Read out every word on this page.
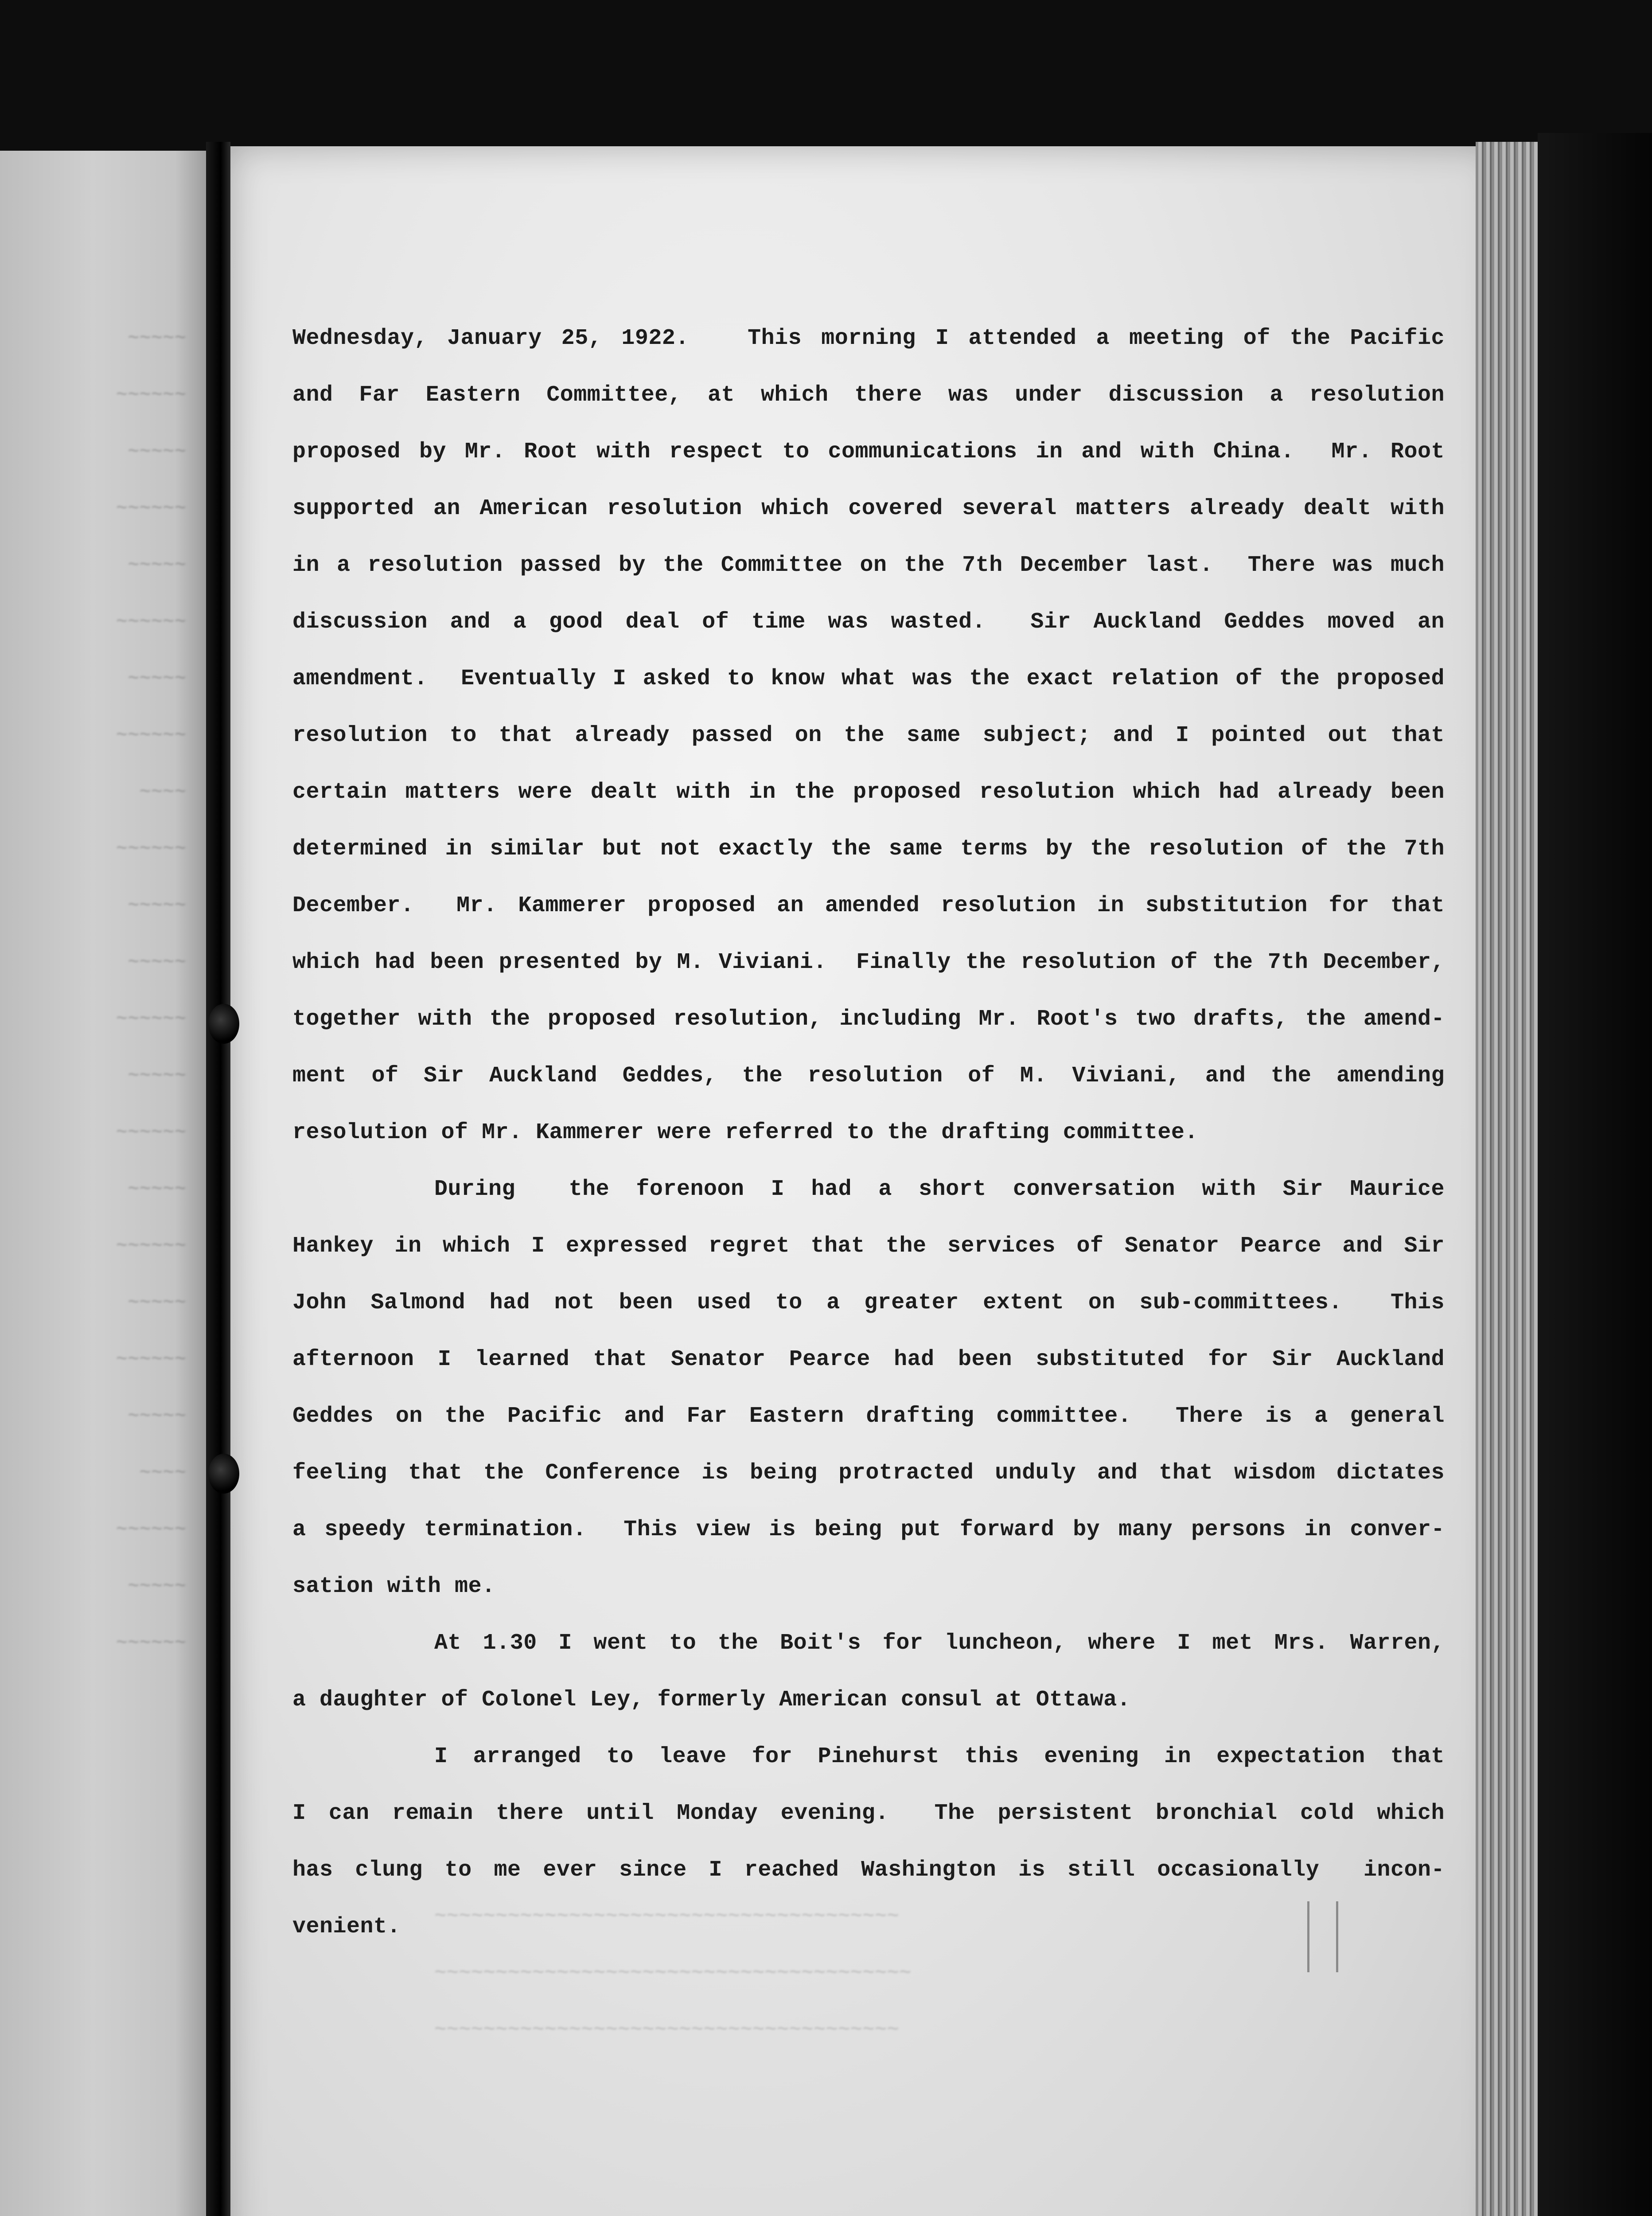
~~~~~
~~~~~~
~~~~~
~~~~~~
~~~~~
~~~~~~
~~~~~
~~~~~~
~~~~
~~~~~~
~~~~~
~~~~~
~~~~~~
~~~~~
~~~~~~
~~~~~
~~~~~~
~~~~~
~~~~~~
~~~~~
~~~~
~~~~~~
~~~~~
~~~~~~
~~~~~~~~~~~~~~~~~~~~~~~~~~~~~~~~~~~~~~
~~~~~~~~~~~~~~~~~~~~~~~~~~~~~~~~~~~~~~~
~~~~~~~~~~~~~~~~~~~~~~~~~~~~~~~~~~~~~~
Wednesday, January 25, 1922.   This morning I attended a meeting of the Pacific
and Far Eastern Committee, at which there was under discussion a resolution
proposed by Mr. Root with respect to communications in and with China.  Mr. Root
supported an American resolution which covered several matters already dealt with
in a resolution passed by the Committee on the 7th December last.  There was much
discussion and a good deal of time was wasted.  Sir Auckland Geddes moved an
amendment.  Eventually I asked to know what was the exact relation of the proposed
resolution to that already passed on the same subject; and I pointed out that
certain matters were dealt with in the proposed resolution which had already been
determined in similar but not exactly the same terms by the resolution of the 7th
December.  Mr. Kammerer proposed an amended resolution in substitution for that
which had been presented by M. Viviani.  Finally the resolution of the 7th December,
together with the proposed resolution, including Mr. Root's two drafts, the amend-
ment of Sir Auckland Geddes, the resolution of M. Viviani, and the amending
resolution of Mr. Kammerer were referred to the drafting committee.
During  the forenoon I had a short conversation with Sir Maurice
Hankey in which I expressed regret that the services of Senator Pearce and Sir
John Salmond had not been used to a greater extent on sub-committees.  This
afternoon I learned that Senator Pearce had been substituted for Sir Auckland
Geddes on the Pacific and Far Eastern drafting committee.  There is a general
feeling that the Conference is being protracted unduly and that wisdom dictates
a speedy termination.  This view is being put forward by many persons in conver-
sation with me.
At 1.30 I went to the Boit's for luncheon, where I met Mrs. Warren,
a daughter of Colonel Ley, formerly American consul at Ottawa.
I arranged to leave for Pinehurst this evening in expectation that
I can remain there until Monday evening.  The persistent bronchial cold which
has clung to me ever since I reached Washington is still occasionally  incon-
venient.
